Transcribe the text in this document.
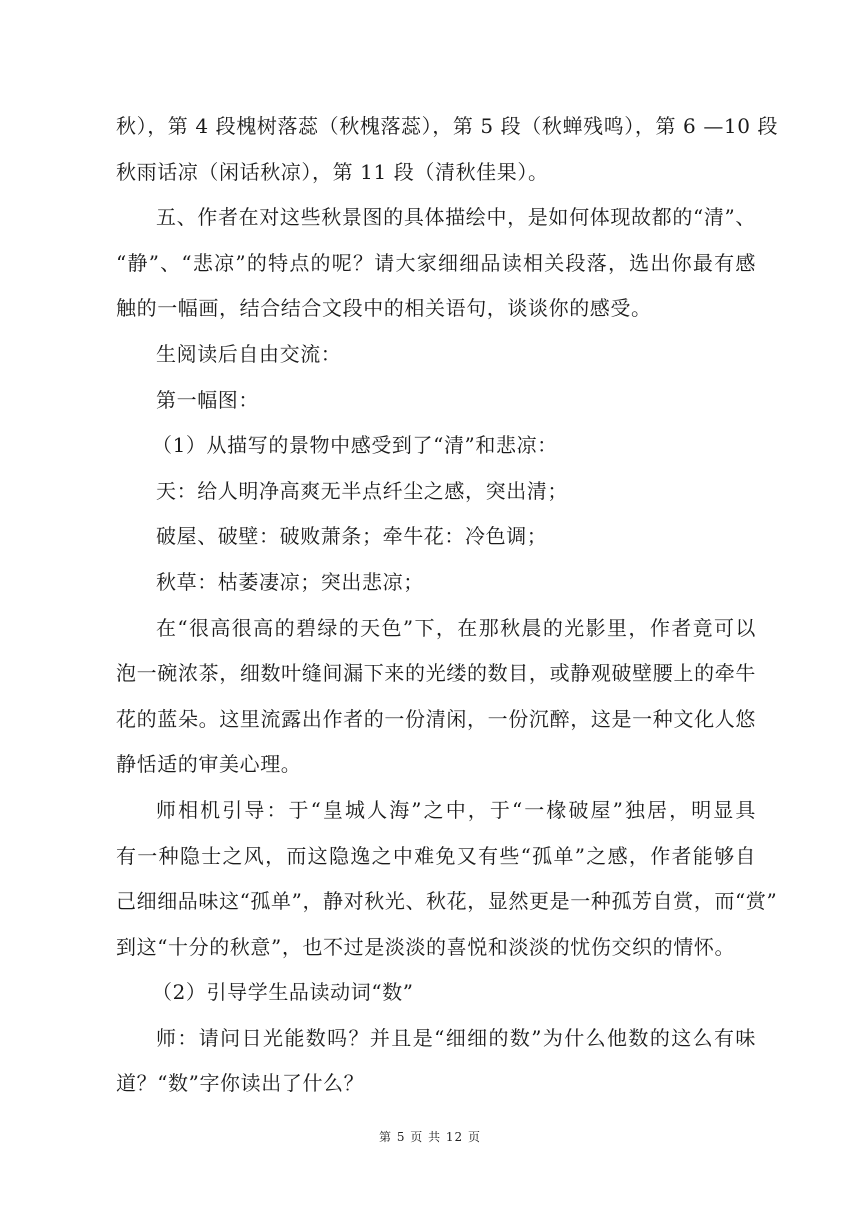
秋），第 4 段槐树落蕊（秋槐落蕊），第 5 段（秋蝉残鸣），第 6 —10 段
秋雨话凉（闲话秋凉），第 11 段（清秋佳果）。
五、作者在对这些秋景图的具体描绘中，是如何体现故都的“清”、
“静”、“悲凉”的特点的呢？请大家细细品读相关段落，选出你最有感
触的一幅画，结合结合文段中的相关语句，谈谈你的感受。
生阅读后自由交流：
第一幅图：
（1）从描写的景物中感受到了“清”和悲凉：
天：给人明净高爽无半点纤尘之感，突出清；
破屋、破壁：破败萧条；牵牛花：冷色调；
秋草：枯萎凄凉；突出悲凉；
在“很高很高的碧绿的天色”下，在那秋晨的光影里，作者竟可以
泡一碗浓茶，细数叶缝间漏下来的光缕的数目，或静观破壁腰上的牵牛
花的蓝朵。这里流露出作者的一份清闲，一份沉醉，这是一种文化人悠
静恬适的审美心理。
师相机引导：于“皇城人海”之中，于“一椽破屋”独居，明显具
有一种隐士之风，而这隐逸之中难免又有些“孤单”之感，作者能够自
己细细品味这“孤单”，静对秋光、秋花，显然更是一种孤芳自赏，而“赏”
到这“十分的秋意”，也不过是淡淡的喜悦和淡淡的忧伤交织的情怀。
（2）引导学生品读动词“数”
师：请问日光能数吗？并且是“细细的数”为什么他数的这么有味
道？“数”字你读出了什么？
第 5 页 共 12 页
